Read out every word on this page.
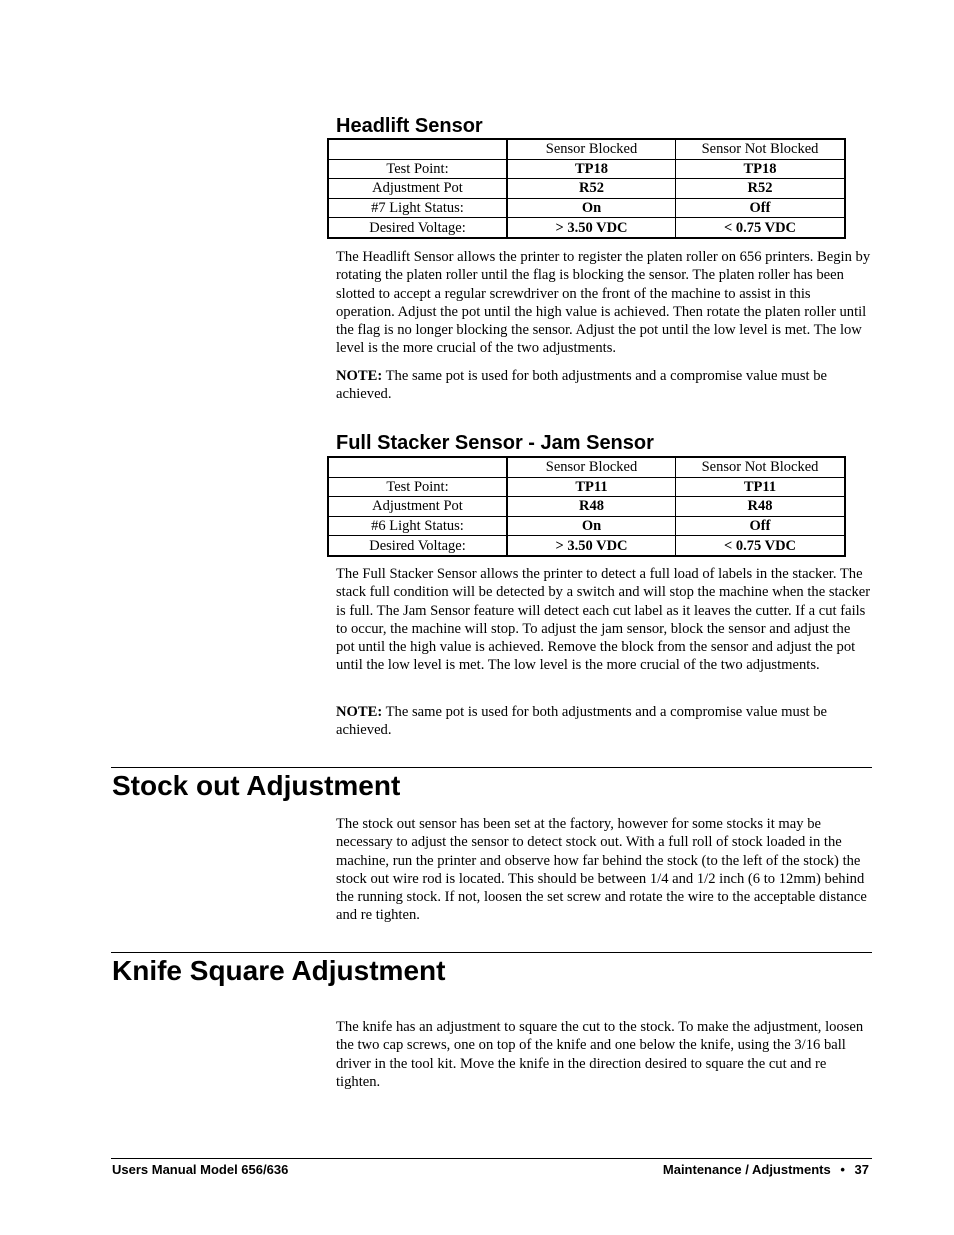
Headlift Sensor
	Sensor Blocked	Sensor Not Blocked
Test Point:	TP18	TP18
Adjustment Pot	R52	R52
#7 Light Status:	On	Off
Desired Voltage:	> 3.50 VDC	< 0.75 VDC

The Headlift Sensor allows the printer to register the platen roller on 656 printers. Begin by rotating the platen roller until the flag is blocking the sensor. The platen roller has been slotted to accept a regular screwdriver on the front of the machine to assist in this operation. Adjust the pot until the high value is achieved. Then rotate the platen roller until the flag is no longer blocking the sensor. Adjust the pot until the low level is met. The low level is the more crucial of the two adjustments.

NOTE: The same pot is used for both adjustments and a compromise value must be achieved.

Full Stacker Sensor - Jam Sensor
	Sensor Blocked	Sensor Not Blocked
Test Point:	TP11	TP11
Adjustment Pot	R48	R48
#6 Light Status:	On	Off
Desired Voltage:	> 3.50 VDC	< 0.75 VDC

The Full Stacker Sensor allows the printer to detect a full load of labels in the stacker. The stack full condition will be detected by a switch and will stop the machine when the stacker is full. The Jam Sensor feature will detect each cut label as it leaves the cutter. If a cut fails to occur, the machine will stop. To adjust the jam sensor, block the sensor and adjust the pot until the high value is achieved. Remove the block from the sensor and adjust the pot until the low level is met. The low level is the more crucial of the two adjustments.

NOTE: The same pot is used for both adjustments and a compromise value must be achieved.

Stock out Adjustment

The stock out sensor has been set at the factory, however for some stocks it may be necessary to adjust the sensor to detect stock out. With a full roll of stock loaded in the machine, run the printer and observe how far behind the stock (to the left of the stock) the stock out wire rod is located. This should be between 1/4 and 1/2 inch (6 to 12mm) behind the running stock. If not, loosen the set screw and rotate the wire to the acceptable distance and re tighten.

Knife Square Adjustment

The knife has an adjustment to square the cut to the stock. To make the adjustment, loosen the two cap screws, one on top of the knife and one below the knife, using the 3/16 ball driver in the tool kit. Move the knife in the direction desired to square the cut and re tighten.

Users Manual Model 656/636	Maintenance / Adjustments • 37
